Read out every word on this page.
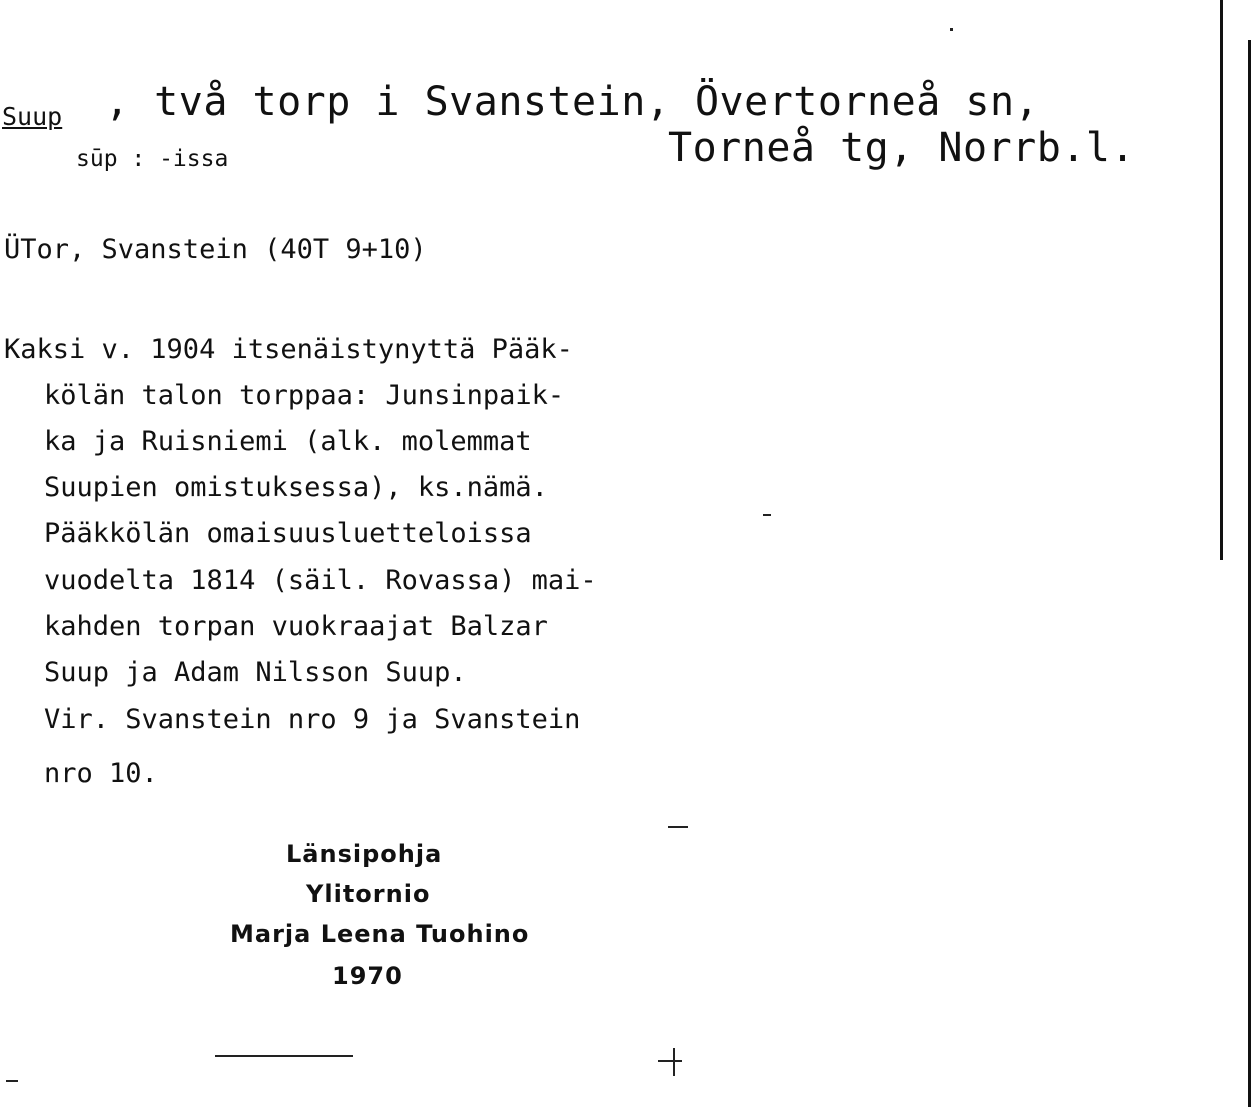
Suup , två torp i Svanstein, Övertorneå sn,
sūp : -issa	Torneå tg, Norrb.l.
ÜTor, Svanstein (40T 9+10)
Kaksi v. 1904 itsenäistynyttä Pääk-
kölän talon torppaa: Junsinpaik-
ka ja Ruisniemi (alk. molemmat
Suupien omistuksessa), ks.nämä.
Pääkkölän omaisuusluetteloissa
vuodelta 1814 (säil. Rovassa) mai-
kahden torpan vuokraajat Balzar
Suup ja Adam Nilsson Suup.
Vir. Svanstein nro 9 ja Svanstein
nro 10.
Länsipohja
Ylitornio
Marja Leena Tuohino
1970
